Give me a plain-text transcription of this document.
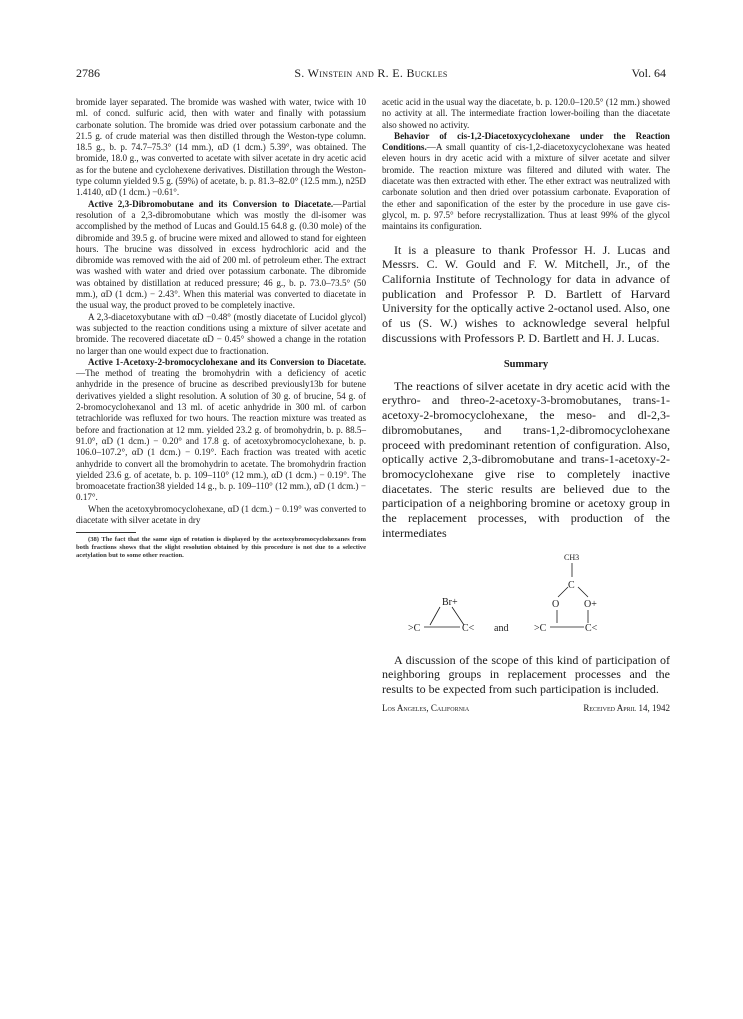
2786	S. Winstein and R. E. Buckles	Vol. 64

bromide layer separated. The bromide was washed with water, twice with 10 ml. of concd. sulfuric acid, then with water and finally with potassium carbonate solution. The bromide was dried over potassium carbonate and the 21.5 g. of crude material was then distilled through the Weston-type column. 18.5 g., b. p. 74.7–75.3° (14 mm.), αD (1 dcm.) 5.39°, was obtained. The bromide, 18.0 g., was converted to acetate with silver acetate in dry acetic acid as for the butene and cyclohexene derivatives. Distillation through the Weston-type column yielded 9.5 g. (59%) of acetate, b. p. 81.3–82.0° (12.5 mm.), n25D 1.4140, αD (1 dcm.) −0.61°.

Active 2,3-Dibromobutane and its Conversion to Diacetate.—Partial resolution of a 2,3-dibromobutane which was mostly the dl-isomer was accomplished by the method of Lucas and Gould.15 64.8 g. (0.30 mole) of the dibromide and 39.5 g. of brucine were mixed and allowed to stand for eighteen hours. The brucine was dissolved in excess hydrochloric acid and the dibromide was removed with the aid of 200 ml. of petroleum ether. The extract was washed with water and dried over potassium carbonate. The dibromide was obtained by distillation at reduced pressure; 46 g., b. p. 73.0–73.5° (50 mm.), αD (1 dcm.) − 2.43°. When this material was converted to diacetate in the usual way, the product proved to be completely inactive.

A 2,3-diacetoxybutane with αD −0.48° (mostly diacetate of Lucidol glycol) was subjected to the reaction conditions using a mixture of silver acetate and bromide. The recovered diacetate αD − 0.45° showed a change in the rotation no larger than one would expect due to fractionation.

Active 1-Acetoxy-2-bromocyclohexane and its Conversion to Diacetate.—The method of treating the bromohydrin with a deficiency of acetic anhydride in the presence of brucine as described previously13b for butene derivatives yielded a slight resolution. A solution of 30 g. of brucine, 54 g. of 2-bromocyclohexanol and 13 ml. of acetic anhydride in 300 ml. of carbon tetrachloride was refluxed for two hours. The reaction mixture was treated as before and fractionation at 12 mm. yielded 23.2 g. of bromohydrin, b. p. 88.5–91.0°, αD (1 dcm.) − 0.20° and 17.8 g. of acetoxybromocyclohexane, b. p. 106.0–107.2°, αD (1 dcm.) − 0.19°. Each fraction was treated with acetic anhydride to convert all the bromohydrin to acetate. The bromohydrin fraction yielded 23.6 g. of acetate, b. p. 109–110° (12 mm.), αD (1 dcm.) − 0.19°. The bromoacetate fraction38 yielded 14 g., b. p. 109–110° (12 mm.), αD (1 dcm.) − 0.17°.

When the acetoxybromocyclohexane, αD (1 dcm.) − 0.19° was converted to diacetate with silver acetate in dry

(38) The fact that the same sign of rotation is displayed by the acetoxybromocyclohexanes from both fractions shows that the slight resolution obtained by this procedure is not due to a selective acetylation but to some other reaction.

acetic acid in the usual way the diacetate, b. p. 120.0–120.5° (12 mm.) showed no activity at all. The intermediate fraction lower-boiling than the diacetate also showed no activity.

Behavior of cis-1,2-Diacetoxycyclohexane under the Reaction Conditions.—A small quantity of cis-1,2-diacetoxycyclohexane was heated eleven hours in dry acetic acid with a mixture of silver acetate and silver bromide. The reaction mixture was filtered and diluted with water. The diacetate was then extracted with ether. The ether extract was neutralized with carbonate solution and then dried over potassium carbonate. Evaporation of the ether and saponification of the ester by the procedure in use gave cis-glycol, m. p. 97.5° before recrystallization. Thus at least 99% of the glycol maintains its configuration.

It is a pleasure to thank Professor H. J. Lucas and Messrs. C. W. Gould and F. W. Mitchell, Jr., of the California Institute of Technology for data in advance of publication and Professor P. D. Bartlett of Harvard University for the optically active 2-octanol used. Also, one of us (S. W.) wishes to acknowledge several helpful discussions with Professors P. D. Bartlett and H. J. Lucas.

Summary

The reactions of silver acetate in dry acetic acid with the erythro- and threo-2-acetoxy-3-bromobutanes, trans-1-acetoxy-2-bromocyclohexane, the meso- and dl-2,3-dibromobutanes, and trans-1,2-dibromocyclohexane proceed with predominant retention of configuration. Also, optically active 2,3-dibromobutane and trans-1-acetoxy-2-bromocyclohexane give rise to completely inactive diacetates. The steric results are believed due to the participation of a neighboring bromine or acetoxy group in the replacement processes, with production of the intermediates

Br+
>C	C< and
CH3
C
O O+
>C	C<

A discussion of the scope of this kind of participation of neighboring groups in replacement processes and the results to be expected from such participation is included.

Los Angeles, California	Received April 14, 1942
